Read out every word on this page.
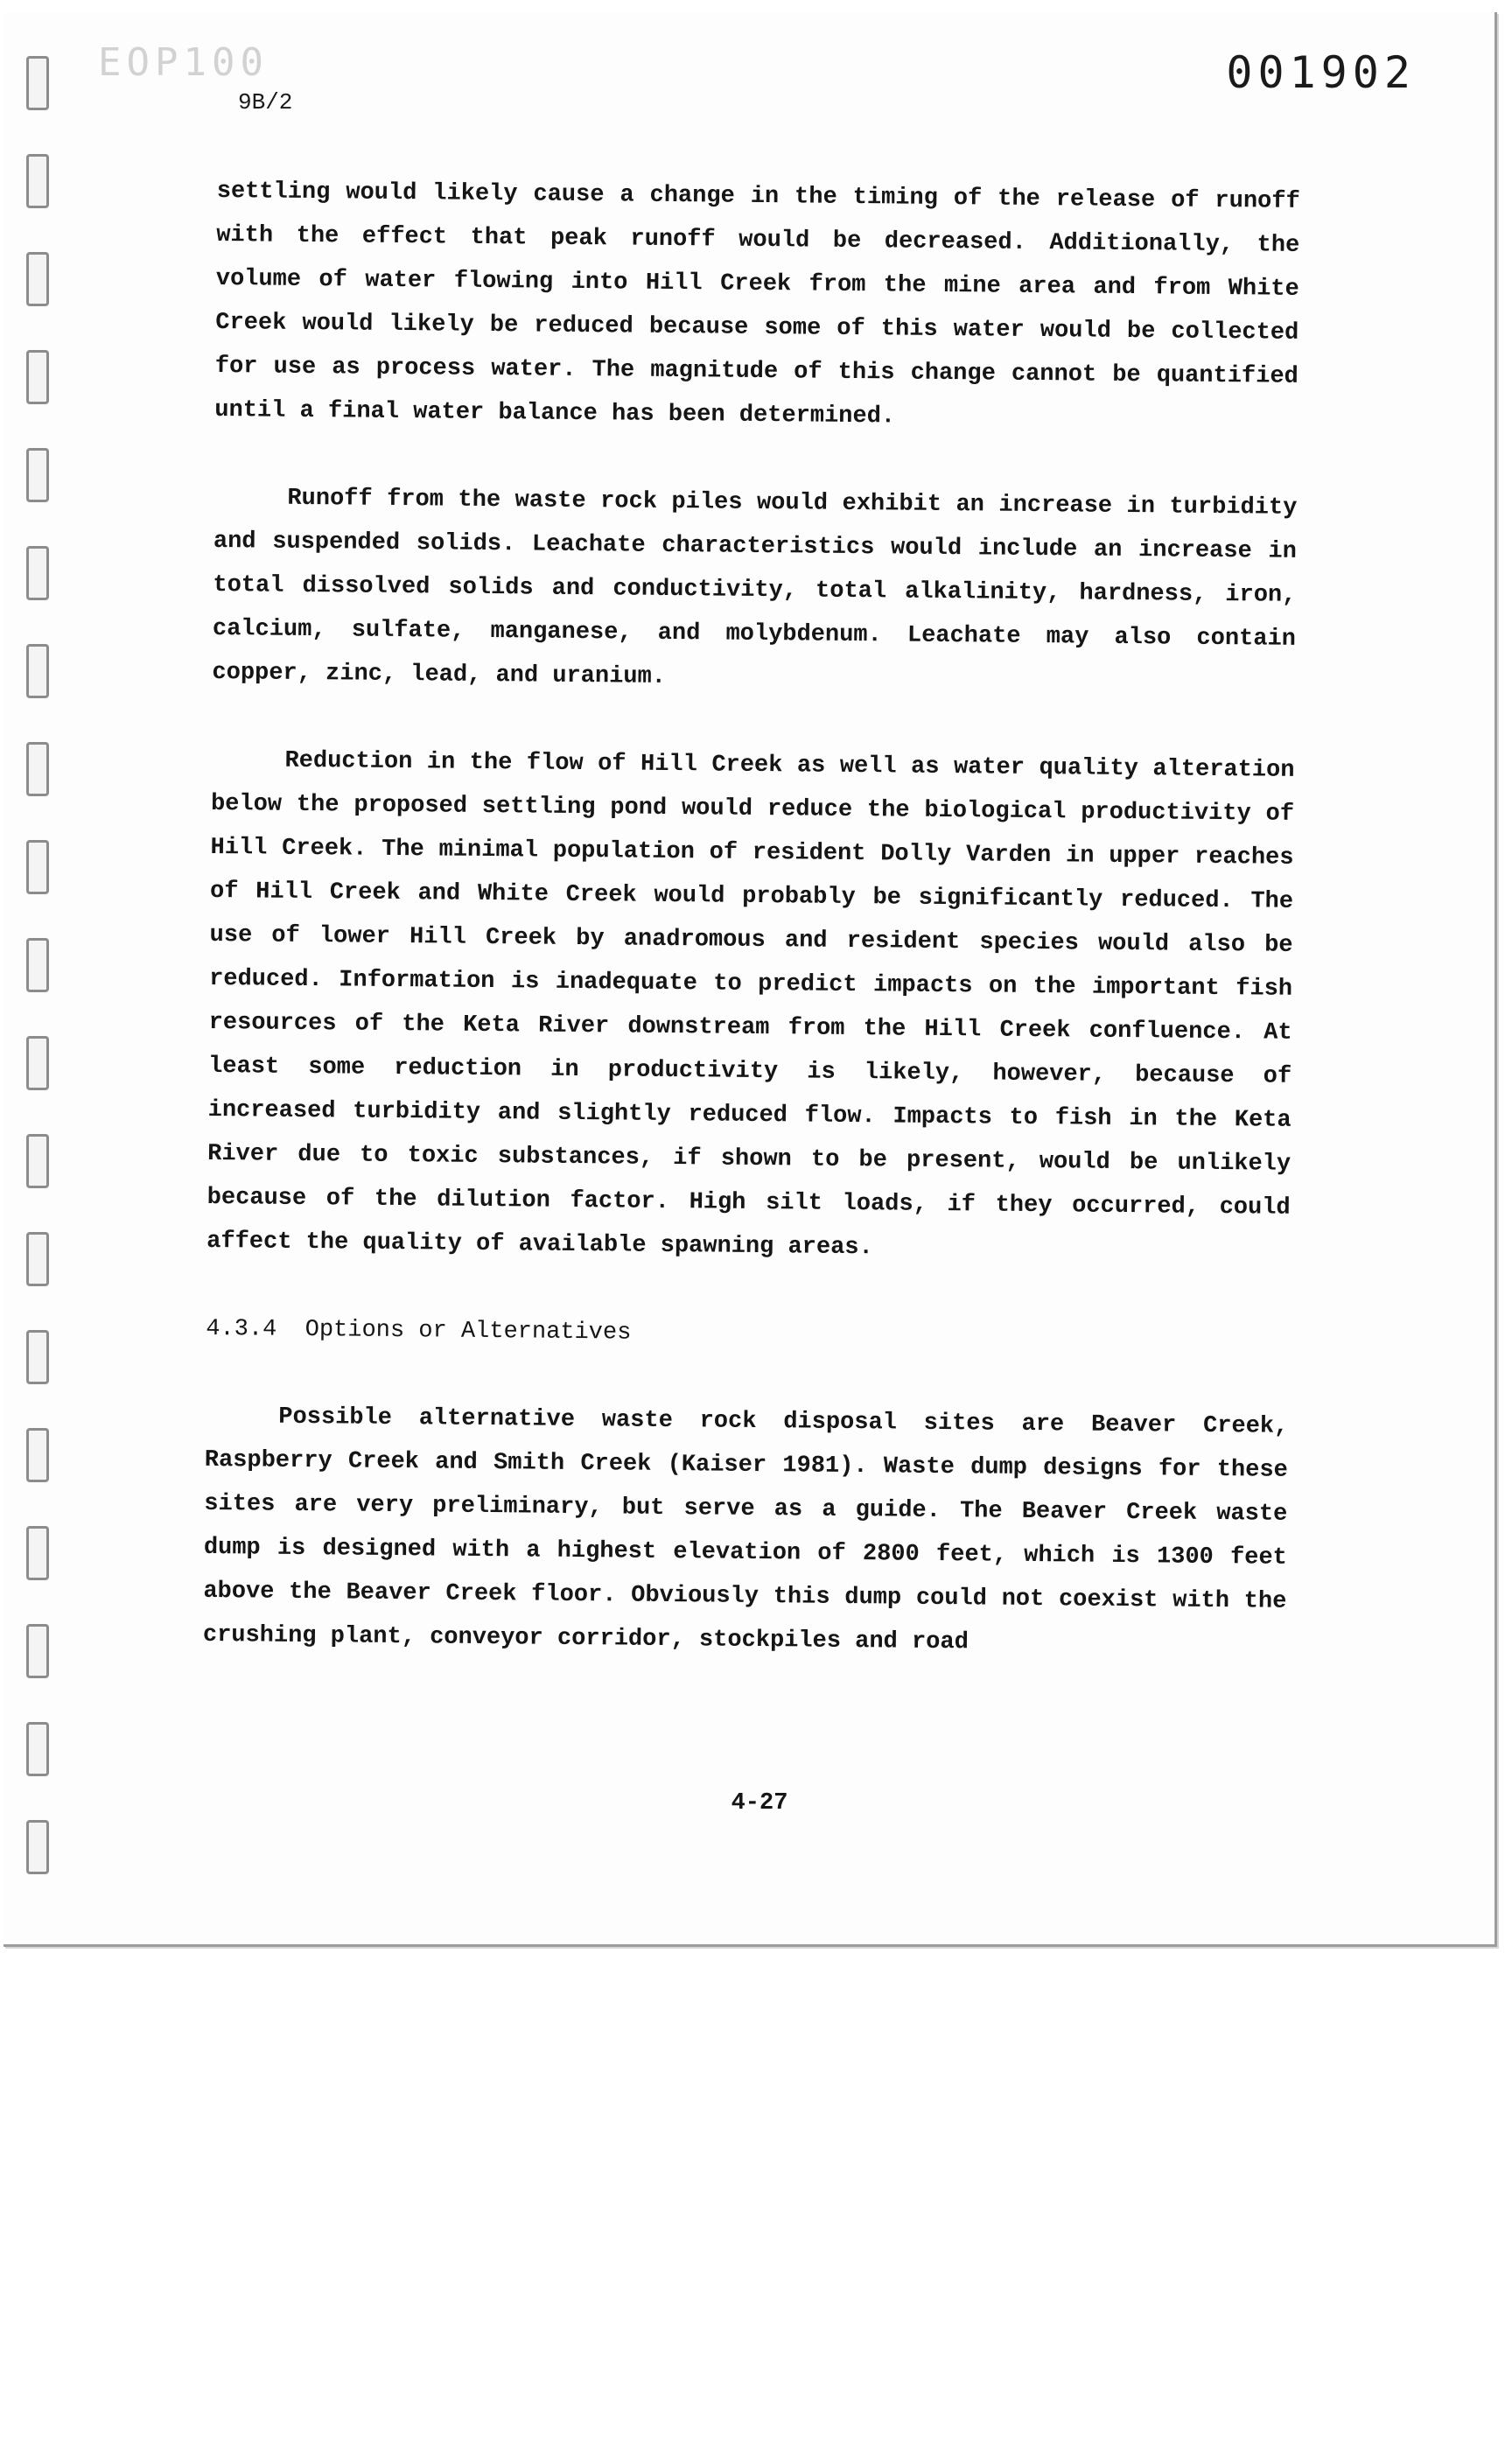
EOP100	001902
9B/2

settling would likely cause a change in the timing of the release of runoff with the effect that peak runoff would be decreased. Additionally, the volume of water flowing into Hill Creek from the mine area and from White Creek would likely be reduced because some of this water would be collected for use as process water. The magnitude of this change cannot be quantified until a final water balance has been determined.

Runoff from the waste rock piles would exhibit an increase in turbidity and suspended solids. Leachate characteristics would include an increase in total dissolved solids and conductivity, total alkalinity, hardness, iron, calcium, sulfate, manganese, and molybdenum. Leachate may also contain copper, zinc, lead, and uranium.

Reduction in the flow of Hill Creek as well as water quality alteration below the proposed settling pond would reduce the biological productivity of Hill Creek. The minimal population of resident Dolly Varden in upper reaches of Hill Creek and White Creek would probably be significantly reduced. The use of lower Hill Creek by anadromous and resident species would also be reduced. Information is inadequate to predict impacts on the important fish resources of the Keta River downstream from the Hill Creek confluence. At least some reduction in productivity is likely, however, because of increased turbidity and slightly reduced flow. Impacts to fish in the Keta River due to toxic substances, if shown to be present, would be unlikely because of the dilution factor. High silt loads, if they occurred, could affect the quality of available spawning areas.

4.3.4  Options or Alternatives

Possible alternative waste rock disposal sites are Beaver Creek, Raspberry Creek and Smith Creek (Kaiser 1981). Waste dump designs for these sites are very preliminary, but serve as a guide. The Beaver Creek waste dump is designed with a highest elevation of 2800 feet, which is 1300 feet above the Beaver Creek floor. Obviously this dump could not coexist with the crushing plant, conveyor corridor, stockpiles and road

4-27
